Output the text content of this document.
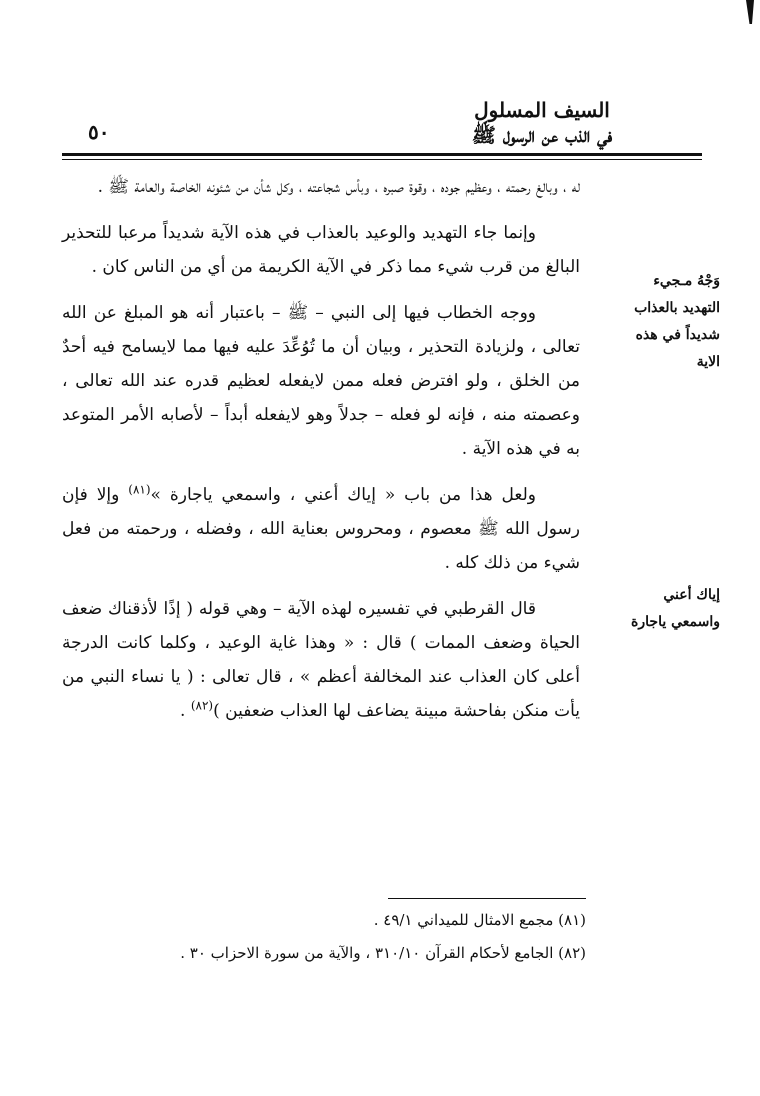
٥٠
السيف المسلول
في الذب عن الرسول ﷺ
وَجْهُ مـجيء التهديد بالعذاب شديداً في هذه الاية
إياك أعني واسمعي ياجارة

له ، وبالغ رحمته ، وعظيم جوده ، وقوة صبره ، وبأس شجاعته ، وكل شأن من شئونه الخاصة والعامة ﷺ .

وإنما جاء التهديد والوعيد بالعذاب في هذه الآية شديداً مرعبا للتحذير البالغ من قرب شيء مما ذكر في الآية الكريمة من أي من الناس كان .

ووجه الخطاب فيها إلى النبي – ﷺ – باعتبار أنه هو المبلغ عن الله تعالى ، ولزيادة التحذير ، وبيان أن ما تُوُعِّدَ عليه فيها مما لايسامح فيه أحدٌ من الخلق ، ولو افترض فعله ممن لايفعله لعظيم قدره عند الله تعالى ، وعصمته منه ، فإنه لو فعله – جدلاً وهو لايفعله أبداً – لأصابه الأمر المتوعد به في هذه الآية .

ولعل هذا من باب « إياك أعني ، واسمعي ياجارة »$^{(٨١)}$ وإلا فإن رسول الله ﷺ معصوم ، ومحروس بعناية الله ، وفضله ، ورحمته من فعل شيء من ذلك كله .

قال القرطبي في تفسيره لهذه الآية – وهي قوله ( إذًا لأذقناك ضعف الحياة وضعف الممات ) قال : « وهذا غاية الوعيد ، وكلما كانت الدرجة أعلى كان العذاب عند المخالفة أعظم » ، قال تعالى : ( يا نساء النبي من يأت منكن بفاحشة مبينة يضاعف لها العذاب ضعفين )$^{(٨٢)}$ .

(٨١) مجمع الامثال للميداني ٤٩/١ .

(٨٢) الجامع لأحكام القرآن ٣١٠/١٠ ، والآية من سورة الاحزاب ٣٠ .
